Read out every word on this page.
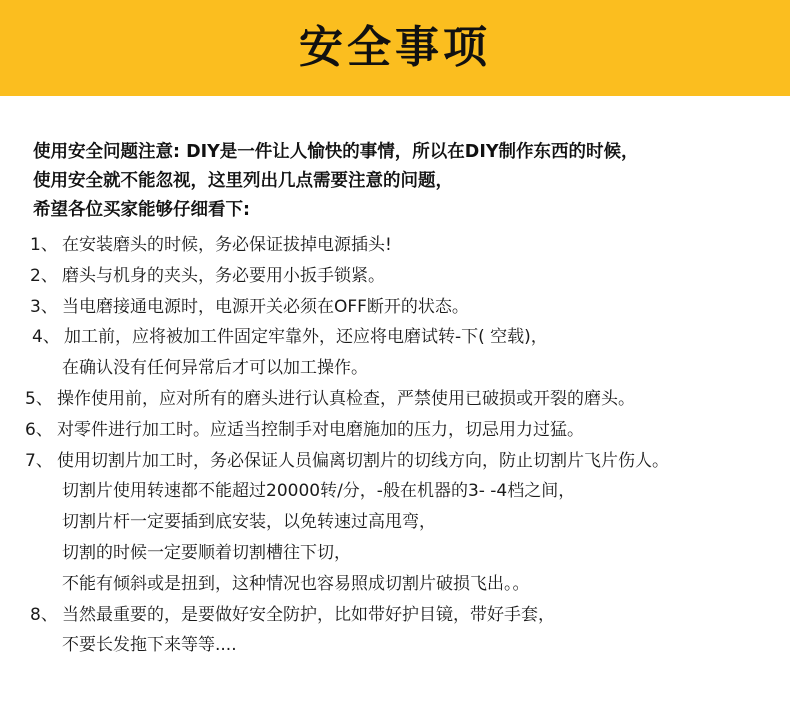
安全事项
使用安全问题注意: DIY是一件让人愉快的事情，所以在DIY制作东西的时候，
使用安全就不能忽视，这里列出几点需要注意的问题，
希望各位买家能够仔细看下:
1、 在安装磨头的时候，务必保证拔掉电源插头!
2、 磨头与机身的夹头，务必要用小扳手锁紧。
3、 当电磨接通电源时，电源开关必须在OFF断开的状态。
4、 加工前，应将被加工件固定牢靠外，还应将电磨试转-下( 空载)，
在确认没有任何异常后才可以加工操作。
5、 操作使用前，应对所有的磨头进行认真检查，严禁使用已破损或开裂的磨头。
6、 对零件进行加工时。应适当控制手对电磨施加的压力，切忌用力过猛。
7、 使用切割片加工时，务必保证人员偏离切割片的切线方向，防止切割片飞片伤人。
切割片使用转速都不能超过20000转/分，-般在机器的3- -4档之间，
切割片杆一定要插到底安装，以免转速过高甩弯，
切割的时候一定要顺着切割槽往下切，
不能有倾斜或是扭到，这种情况也容易照成切割片破损飞出。。
8、 当然最重要的，是要做好安全防护，比如带好护目镜，带好手套，
不要长发拖下来等等....
